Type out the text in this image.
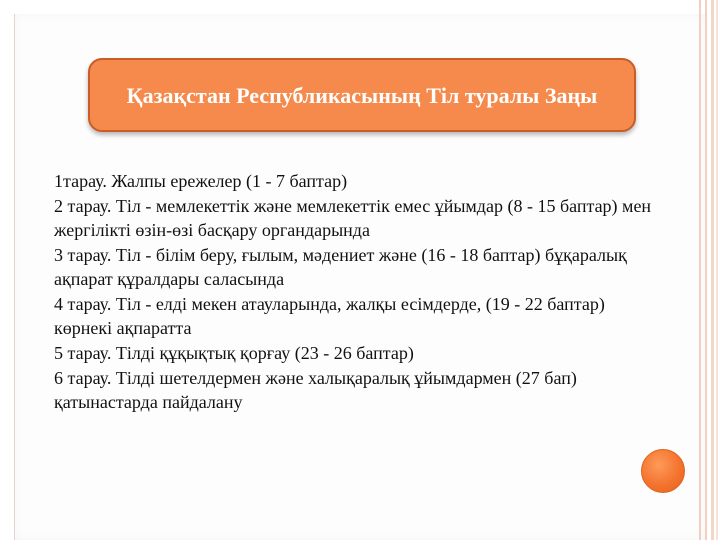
Қазақстан Республикасының Тіл туралы Заңы

1тарау. Жалпы ережелер (1 - 7 баптар)

2 тарау. Тіл - мемлекеттік және мемлекеттік емес ұйымдар (8 - 15 баптар) мен жергілікті өзін-өзі басқару органдарында

3 тарау. Тіл - білім беру, ғылым, мәдениет және (16 - 18 баптар) бұқаралық ақпарат құралдары саласында

4 тарау. Тіл - елді мекен атауларында, жалқы есімдерде, (19 - 22 баптар) көрнекі ақпаратта

5 тарау. Тілді құқықтық қорғау (23 - 26 баптар)

6 тарау. Тілді шетелдермен және халықаралық ұйымдармен (27 бап) қатынастарда пайдалану
